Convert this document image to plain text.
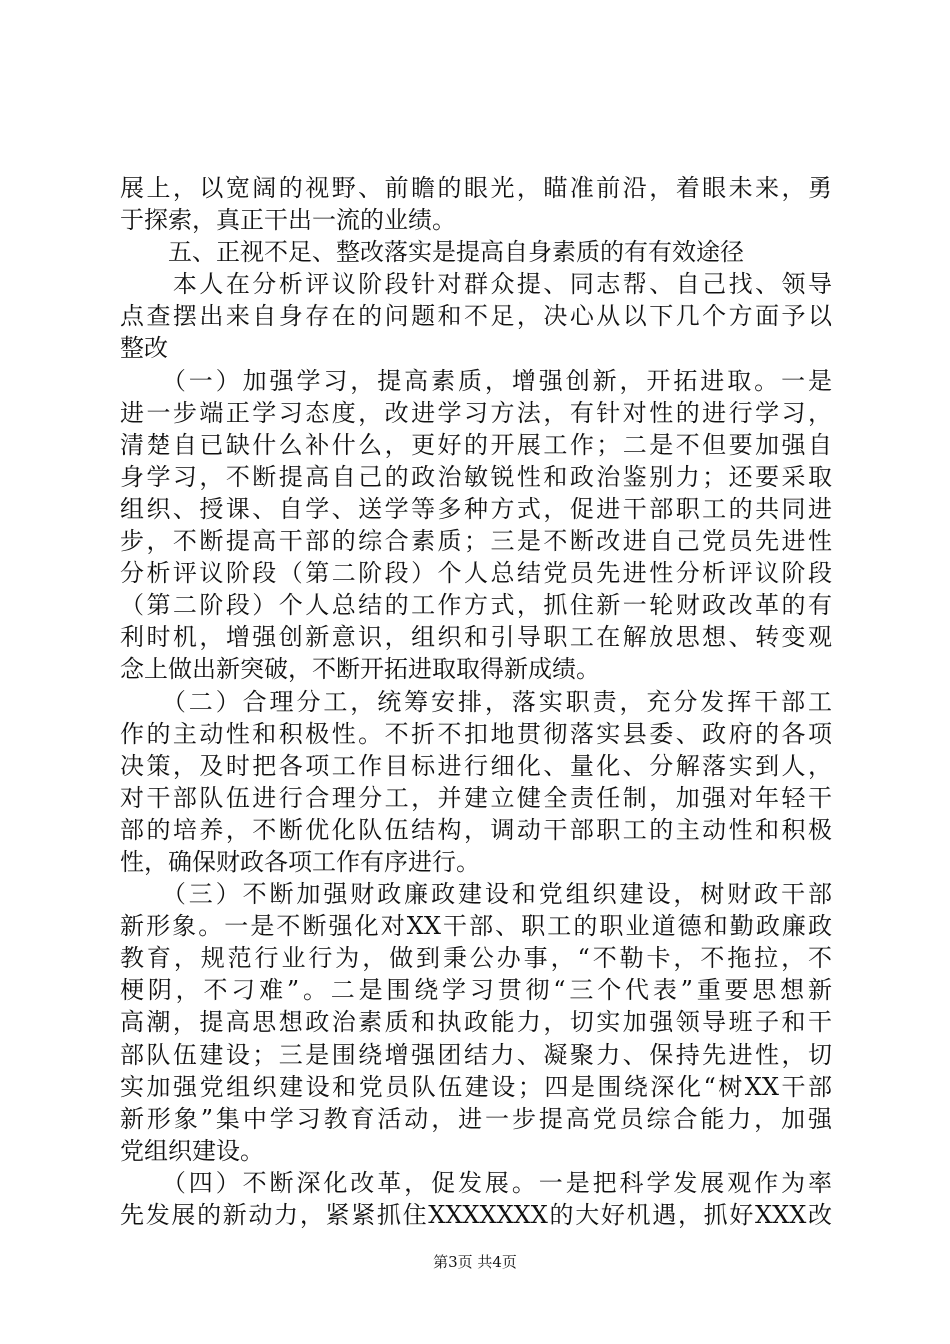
展上，以宽阔的视野、前瞻的眼光，瞄准前沿，着眼未来，勇
于探索，真正干出一流的业绩。
　　五、正视不足、整改落实是提高自身素质的有有效途径
　　本人在分析评议阶段针对群众提、同志帮、自己找、领导
点查摆出来自身存在的问题和不足，决心从以下几个方面予以
整改
　　（一）加强学习，提高素质，增强创新，开拓进取。一是
进一步端正学习态度，改进学习方法，有针对性的进行学习，
清楚自已缺什么补什么，更好的开展工作；二是不但要加强自
身学习，不断提高自己的政治敏锐性和政治鉴别力；还要采取
组织、授课、自学、送学等多种方式，促进干部职工的共同进
步，不断提高干部的综合素质；三是不断改进自己党员先进性
分析评议阶段（第二阶段）个人总结党员先进性分析评议阶段
（第二阶段）个人总结的工作方式，抓住新一轮财政改革的有
利时机，增强创新意识，组织和引导职工在解放思想、转变观
念上做出新突破，不断开拓进取取得新成绩。
　　（二）合理分工，统筹安排，落实职责，充分发挥干部工
作的主动性和积极性。不折不扣地贯彻落实县委、政府的各项
决策，及时把各项工作目标进行细化、量化、分解落实到人，
对干部队伍进行合理分工，并建立健全责任制，加强对年轻干
部的培养，不断优化队伍结构，调动干部职工的主动性和积极
性，确保财政各项工作有序进行。
　　（三）不断加强财政廉政建设和党组织建设，树财政干部
新形象。一是不断强化对XX干部、职工的职业道德和勤政廉政
教育，规范行业行为，做到秉公办事，“不勒卡，不拖拉，不
梗阴，不刁难”。二是围绕学习贯彻“三个代表”重要思想新
高潮，提高思想政治素质和执政能力，切实加强领导班子和干
部队伍建设；三是围绕增强团结力、凝聚力、保持先进性，切
实加强党组织建设和党员队伍建设；四是围绕深化“树XX干部
新形象”集中学习教育活动，进一步提高党员综合能力，加强
党组织建设。
　　（四）不断深化改革，促发展。一是把科学发展观作为率
先发展的新动力，紧紧抓住XXXXXXX的大好机遇，抓好XXX改
第3页 共4页
